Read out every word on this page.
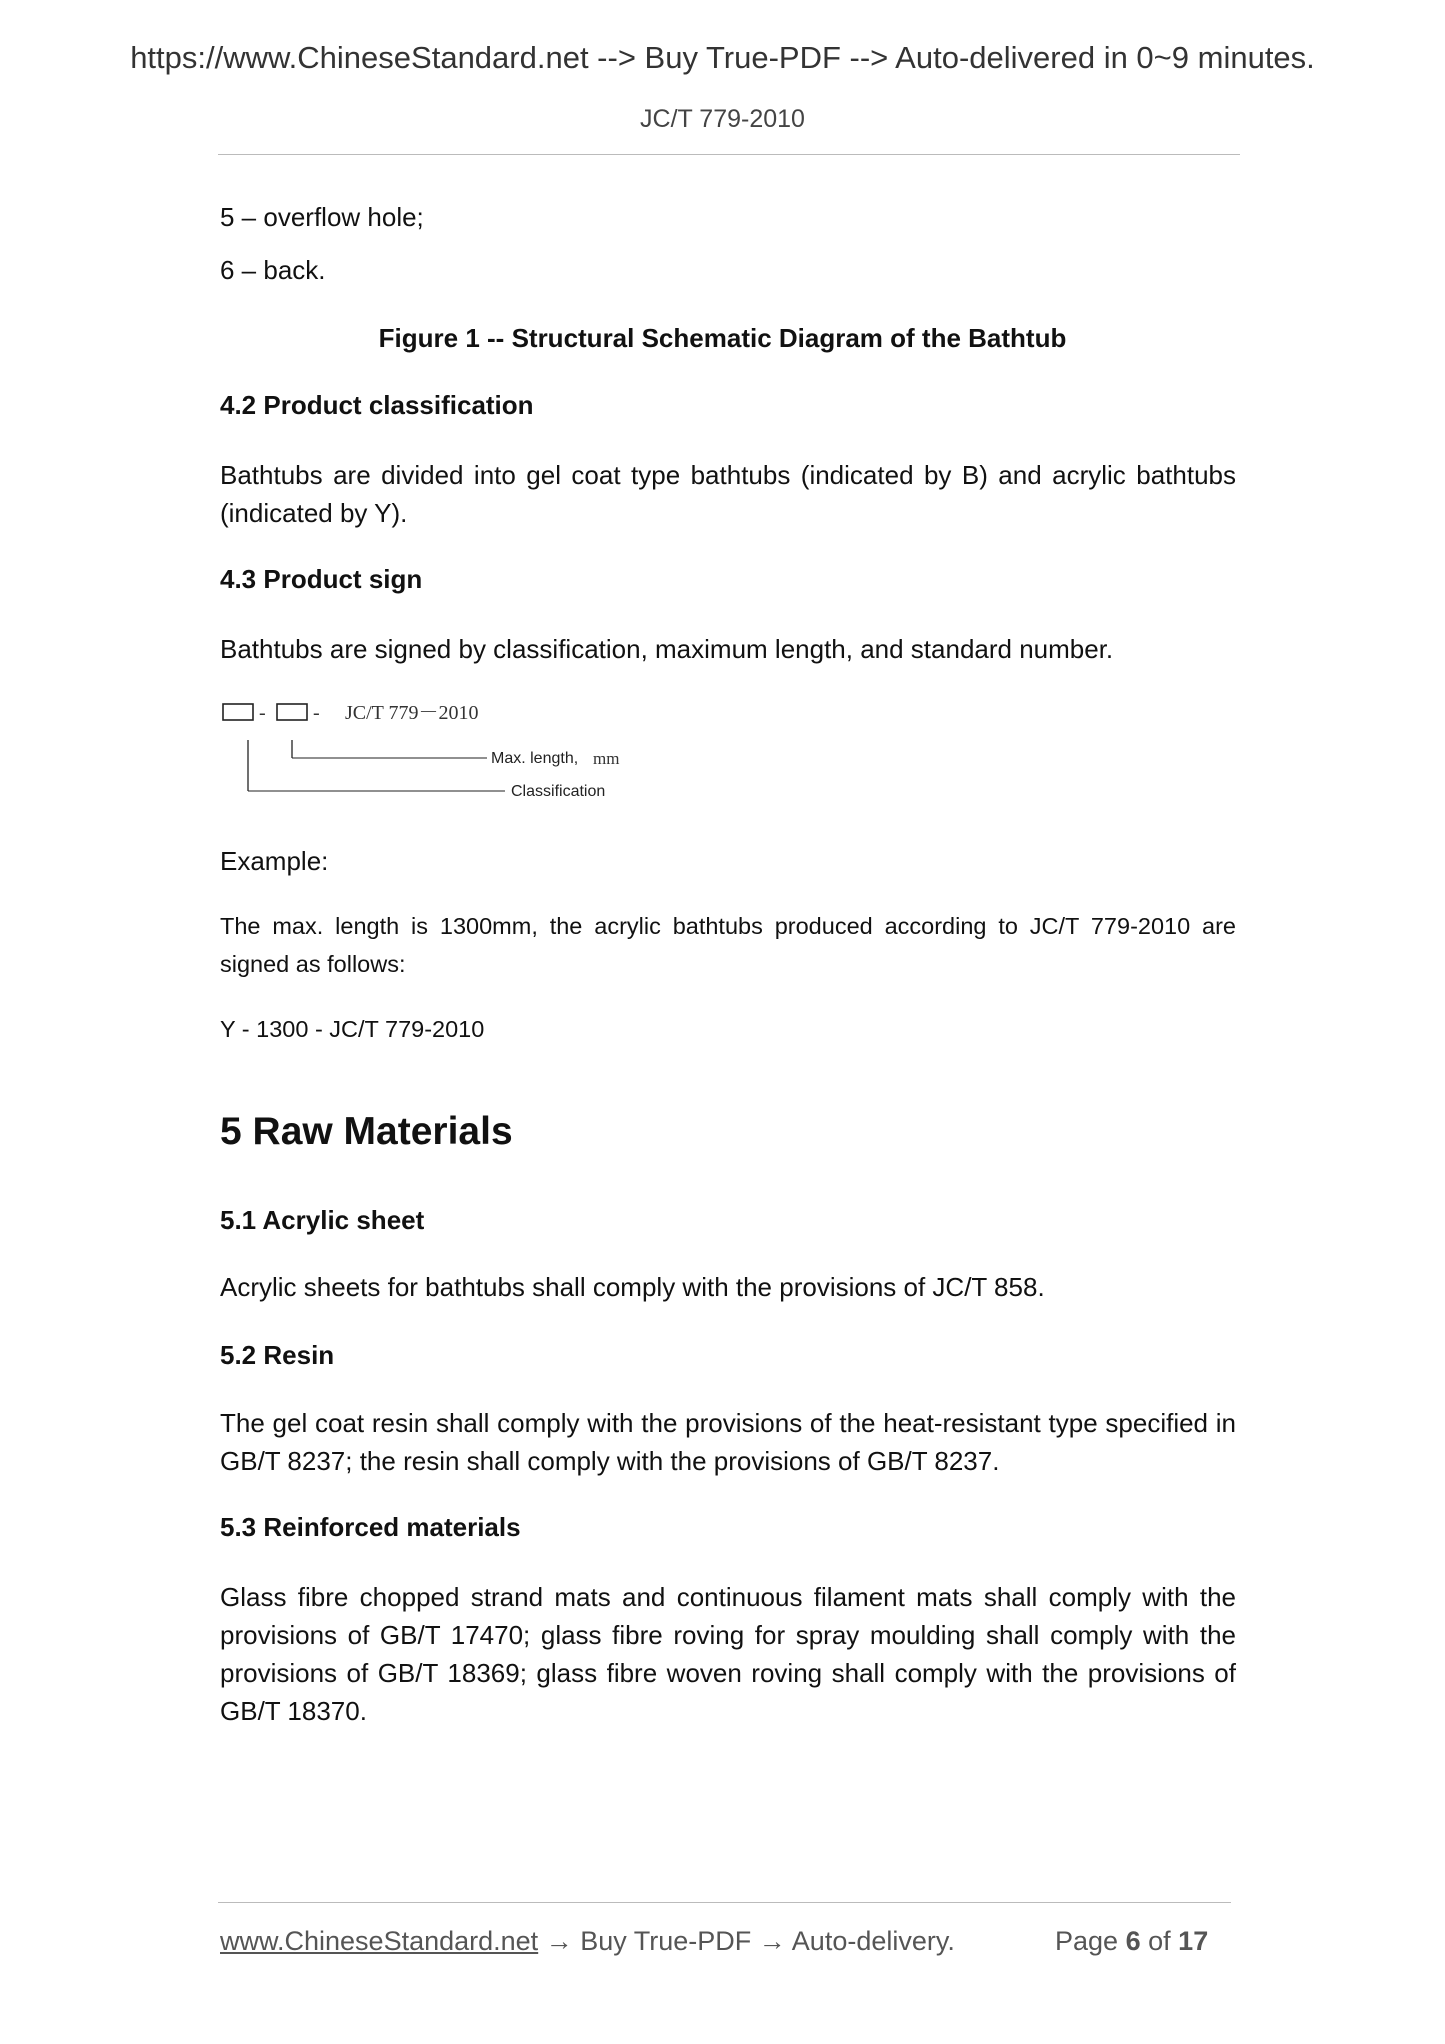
https://www.ChineseStandard.net --> Buy True-PDF --> Auto-delivered in 0~9 minutes.
JC/T 779-2010
5 – overflow hole;
6 – back.
Figure 1 -- Structural Schematic Diagram of the Bathtub
4.2 Product classification
Bathtubs are divided into gel coat type bathtubs (indicated by B) and acrylic bathtubs (indicated by Y).
4.3 Product sign
Bathtubs are signed by classification, maximum length, and standard number.
- - JC/T 779－2010
Max. length, mm
Classification
Example:
The max. length is 1300mm, the acrylic bathtubs produced according to JC/T 779-2010 are signed as follows:
Y - 1300 - JC/T 779-2010
5 Raw Materials
5.1 Acrylic sheet
Acrylic sheets for bathtubs shall comply with the provisions of JC/T 858.
5.2 Resin
The gel coat resin shall comply with the provisions of the heat-resistant type specified in GB/T 8237; the resin shall comply with the provisions of GB/T 8237.
5.3 Reinforced materials
Glass fibre chopped strand mats and continuous filament mats shall comply with the provisions of GB/T 17470; glass fibre roving for spray moulding shall comply with the provisions of GB/T 18369; glass fibre woven roving shall comply with the provisions of GB/T 18370.
www.ChineseStandard.net → Buy True-PDF → Auto-delivery.	Page 6 of 17
